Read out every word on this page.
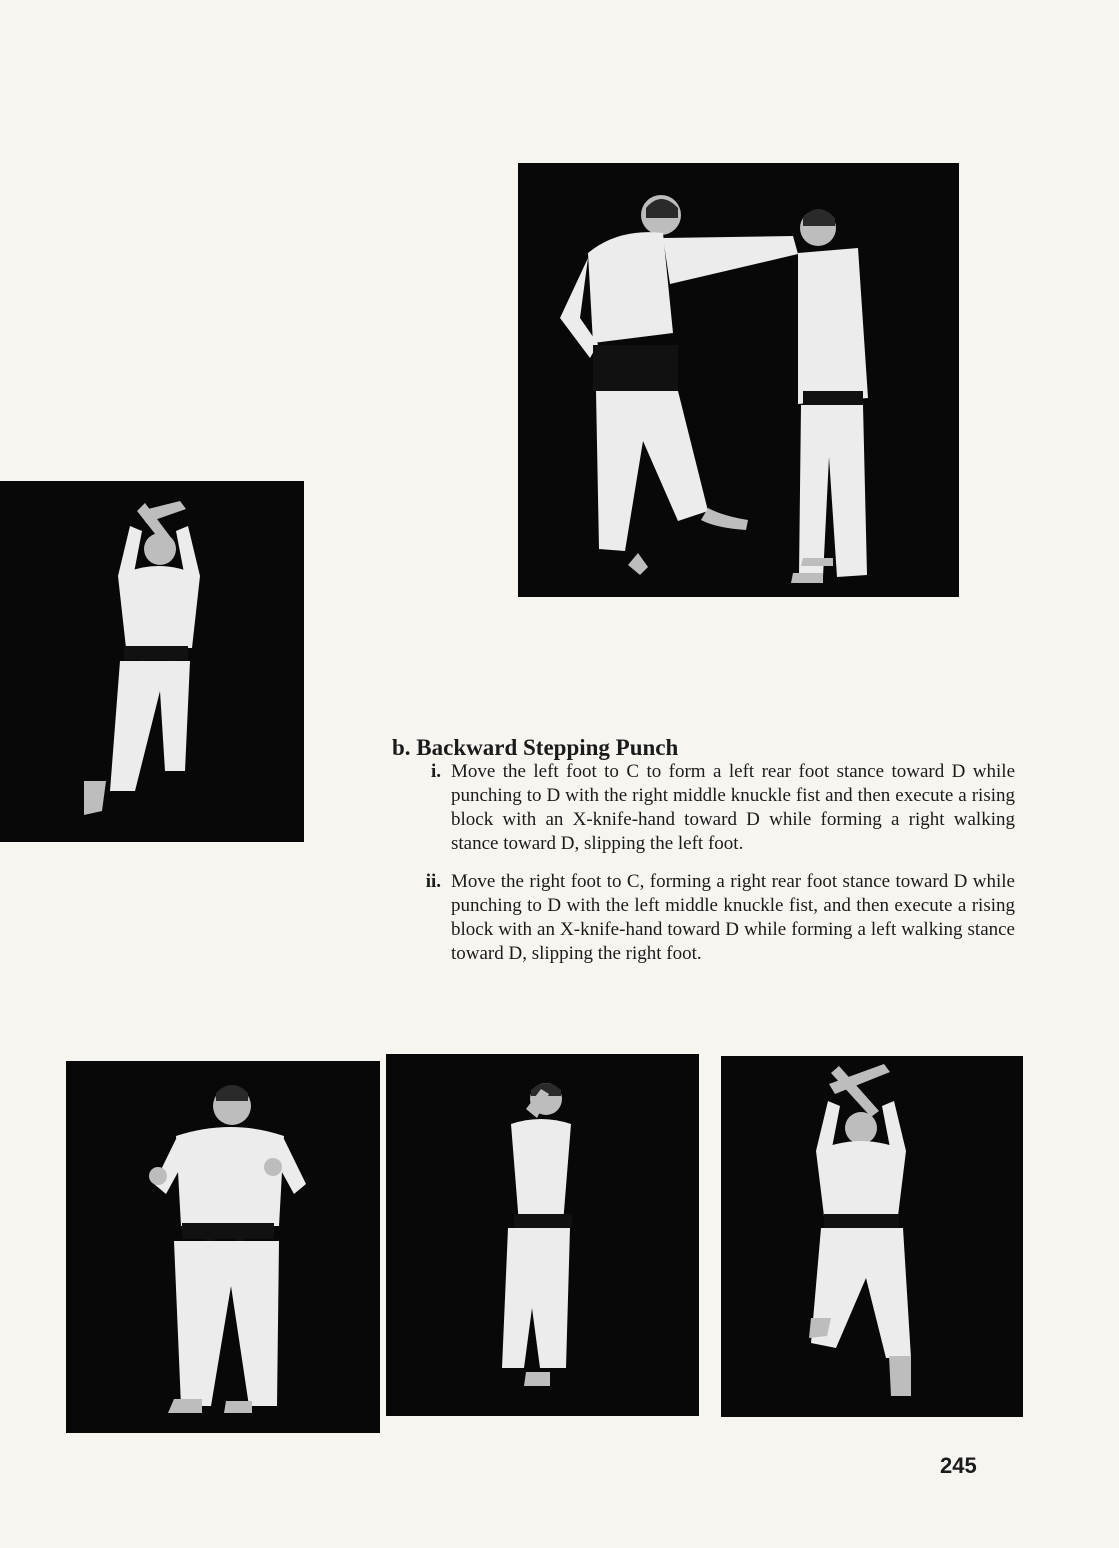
b. Backward Stepping Punch
i. Move the left foot to C to form a left rear foot stance toward D while punching to D with the right middle knuckle fist and then execute a rising block with an X-knife-hand toward D while forming a right walking stance toward D, slipping the left foot.
ii. Move the right foot to C, forming a right rear foot stance toward D while punching to D with the left middle knuckle fist, and then execute a rising block with an X-knife-hand toward D while forming a left walking stance toward D, slipping the right foot.
245
